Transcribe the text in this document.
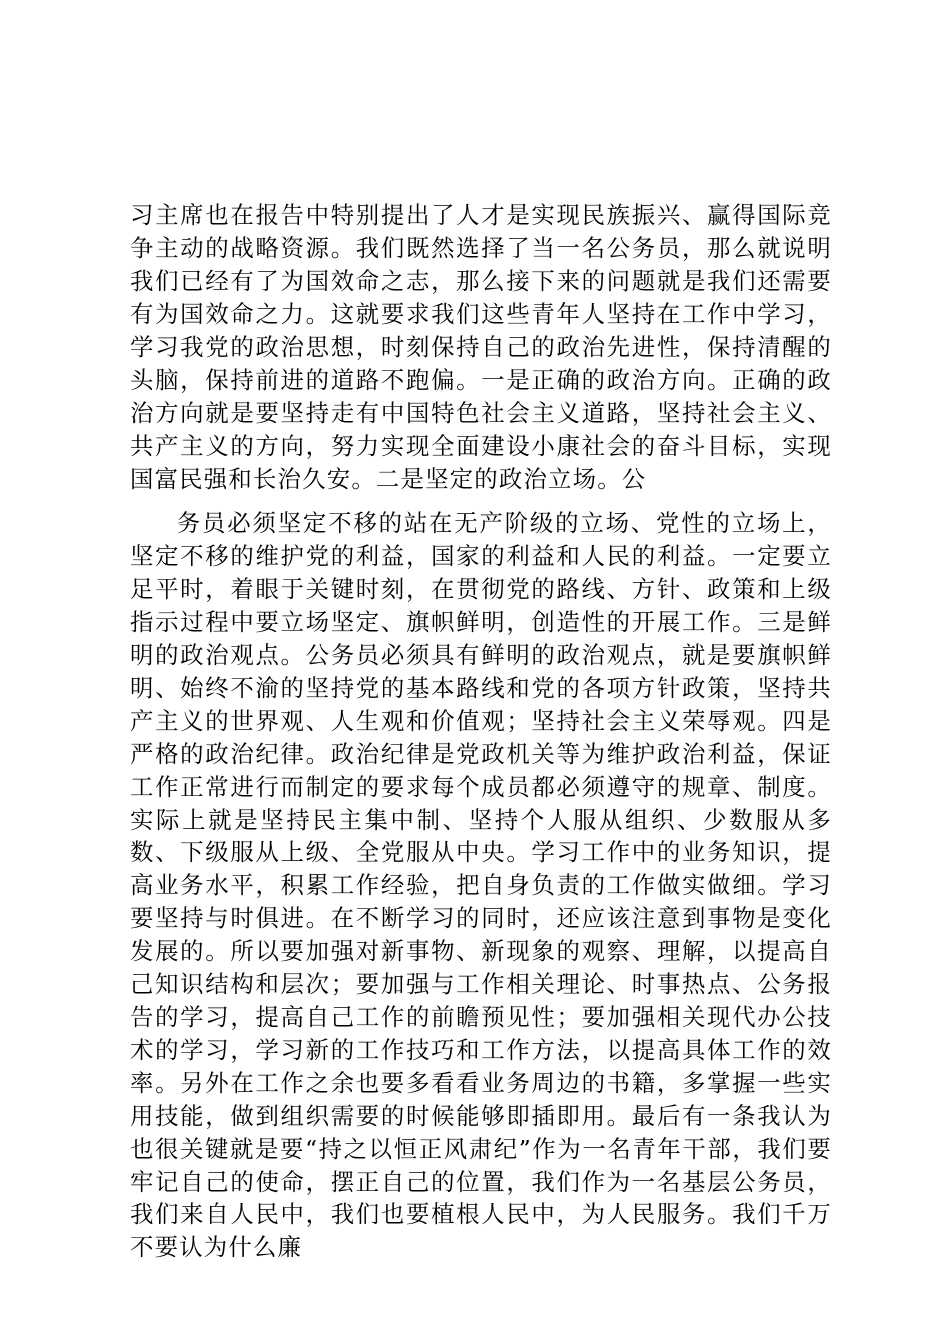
习主席也在报告中特别提出了人才是实现民族振兴、赢得国际竞争主动的战略资源。我们既然选择了当一名公务员，那么就说明我们已经有了为国效命之志，那么接下来的问题就是我们还需要有为国效命之力。这就要求我们这些青年人坚持在工作中学习，学习我党的政治思想，时刻保持自己的政治先进性，保持清醒的头脑，保持前进的道路不跑偏。一是正确的政治方向。正确的政治方向就是要坚持走有中国特色社会主义道路，坚持社会主义、共产主义的方向，努力实现全面建设小康社会的奋斗目标，实现国富民强和长治久安。二是坚定的政治立场。公

务员必须坚定不移的站在无产阶级的立场、党性的立场上，坚定不移的维护党的利益，国家的利益和人民的利益。一定要立足平时，着眼于关键时刻，在贯彻党的路线、方针、政策和上级指示过程中要立场坚定、旗帜鲜明，创造性的开展工作。三是鲜明的政治观点。公务员必须具有鲜明的政治观点，就是要旗帜鲜明、始终不渝的坚持党的基本路线和党的各项方针政策，坚持共产主义的世界观、人生观和价值观；坚持社会主义荣辱观。四是严格的政治纪律。政治纪律是党政机关等为维护政治利益，保证工作正常进行而制定的要求每个成员都必须遵守的规章、制度。实际上就是坚持民主集中制、坚持个人服从组织、少数服从多数、下级服从上级、全党服从中央。学习工作中的业务知识，提高业务水平，积累工作经验，把自身负责的工作做实做细。学习要坚持与时俱进。在不断学习的同时，还应该注意到事物是变化发展的。所以要加强对新事物、新现象的观察、理解，以提高自己知识结构和层次；要加强与工作相关理论、时事热点、公务报告的学习，提高自己工作的前瞻预见性；要加强相关现代办公技术的学习，学习新的工作技巧和工作方法，以提高具体工作的效率。另外在工作之余也要多看看业务周边的书籍，多掌握一些实用技能，做到组织需要的时候能够即插即用。最后有一条我认为也很关键就是要“持之以恒正风肃纪”作为一名青年干部，我们要牢记自己的使命，摆正自己的位置，我们作为一名基层公务员，我们来自人民中，我们也要植根人民中，为人民服务。我们千万不要认为什么廉
